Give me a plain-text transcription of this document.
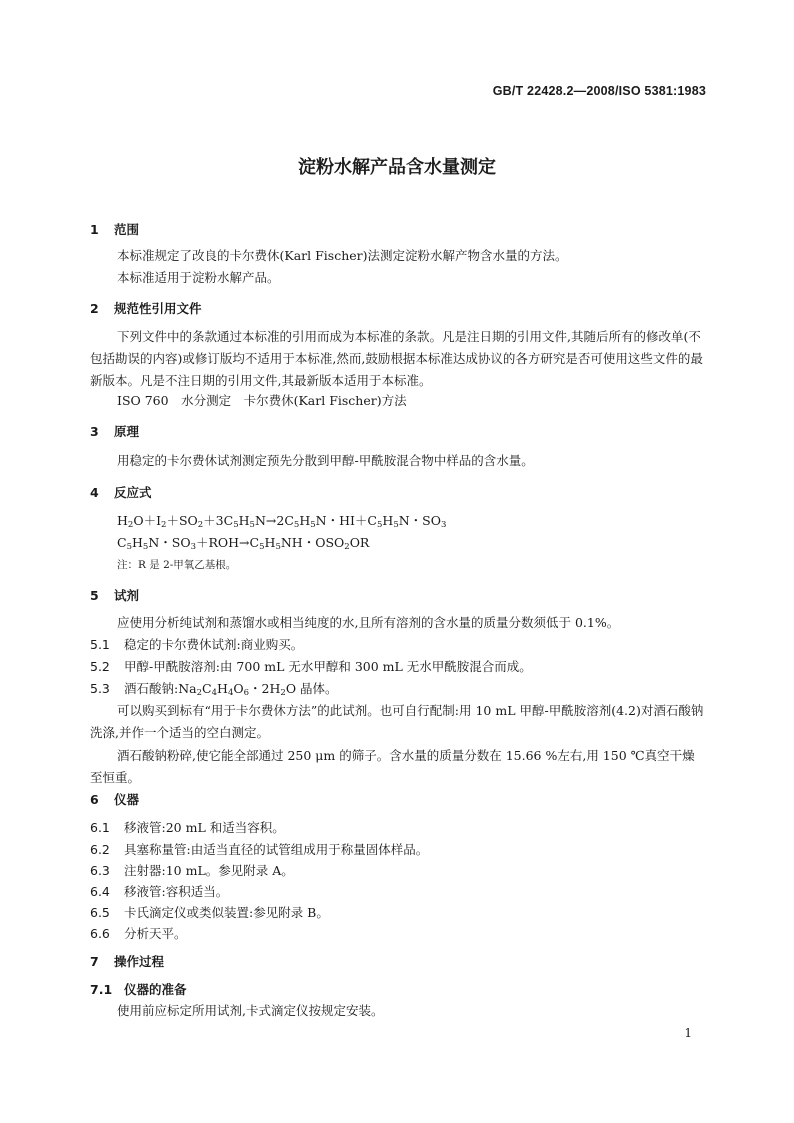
GB/T 22428.2—2008/ISO 5381:1983
淀粉水解产品含水量测定
1 范围
本标准规定了改良的卡尔费休(Karl Fischer)法测定淀粉水解产物含水量的方法。
本标准适用于淀粉水解产品。
2 规范性引用文件
下列文件中的条款通过本标准的引用而成为本标准的条款。凡是注日期的引用文件,其随后所有的修改单(不包括勘误的内容)或修订版均不适用于本标准,然而,鼓励根据本标准达成协议的各方研究是否可使用这些文件的最新版本。凡是不注日期的引用文件,其最新版本适用于本标准。
ISO 760　水分测定　卡尔费休(Karl Fischer)方法
3 原理
用稳定的卡尔费休试剂测定预先分散到甲醇-甲酰胺混合物中样品的含水量。
4 反应式
$H_2O+I_2+SO_2+3C_5H_5N\to 2C_5H_5N$・$HI+C_5H_5N$・$SO_3$
$C_5H_5N$・$SO_3+ROH\to C_5H_5NH$・$OSO_2OR$
注：R 是 2-甲氧乙基根。
5 试剂
应使用分析纯试剂和蒸馏水或相当纯度的水,且所有溶剂的含水量的质量分数须低于 0.1%。
5.1 稳定的卡尔费休试剂:商业购买。
5.2 甲醇-甲酰胺溶剂:由 700 mL 无水甲醇和 300 mL 无水甲酰胺混合而成。
5.3 酒石酸钠$:Na_2C_4H_4O_6$・$2H_2O$ 晶体。
可以购买到标有“用于卡尔费休方法”的此试剂。也可自行配制:用 10 mL 甲醇-甲酰胺溶剂(4.2)对酒石酸钠洗涤,并作一个适当的空白测定。
酒石酸钠粉碎,使它能全部通过 250 μm 的筛子。含水量的质量分数在 15.66 %左右,用 150 ℃真空干燥至恒重。
6 仪器
6.1 移液管:20 mL 和适当容积。
6.2 具塞称量管:由适当直径的试管组成用于称量固体样品。
6.3 注射器:10 mL。参见附录 A。
6.4 移液管:容积适当。
6.5 卡氏滴定仪或类似装置:参见附录 B。
6.6 分析天平。
7 操作过程
7.1 仪器的准备
使用前应标定所用试剂,卡式滴定仪按规定安装。
1
